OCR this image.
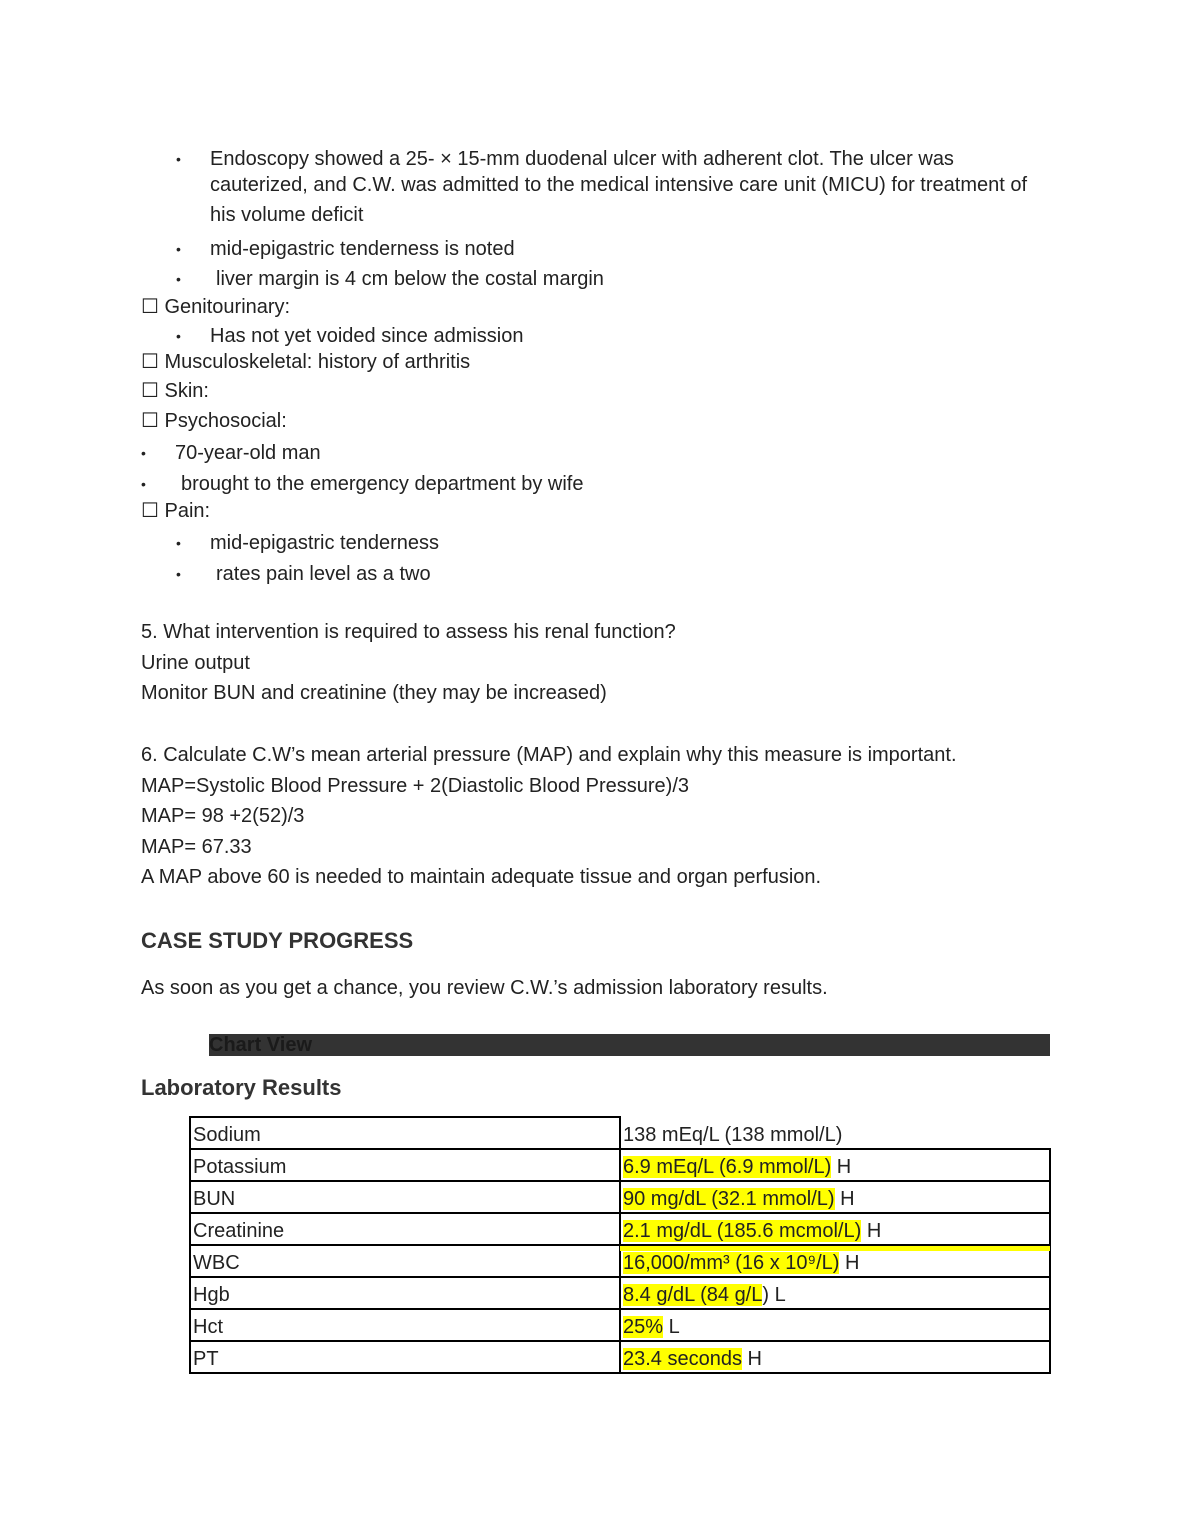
• Endoscopy showed a 25- × 15-mm duodenal ulcer with adherent clot. The ulcer was
cauterized, and C.W. was admitted to the medical intensive care unit (MICU) for treatment of
his volume deficit
• mid-epigastric tenderness is noted
• liver margin is 4 cm below the costal margin
☐ Genitourinary:
• Has not yet voided since admission
☐ Musculoskeletal: history of arthritis
☐ Skin:
☐ Psychosocial:
• 70-year-old man
• brought to the emergency department by wife
☐ Pain:
• mid-epigastric tenderness
• rates pain level as a two
5. What intervention is required to assess his renal function?
Urine output
Monitor BUN and creatinine (they may be increased)
6. Calculate C.W’s mean arterial pressure (MAP) and explain why this measure is important.
MAP=Systolic Blood Pressure + 2(Diastolic Blood Pressure)/3
MAP= 98 +2(52)/3
MAP= 67.33
A MAP above 60 is needed to maintain adequate tissue and organ perfusion.
CASE STUDY PROGRESS
As soon as you get a chance, you review C.W.’s admission laboratory results.
Chart View
Laboratory Results
Sodium	138 mEq/L (138 mmol/L)
Potassium	6.9 mEq/L (6.9 mmol/L) H
BUN	90 mg/dL (32.1 mmol/L) H
Creatinine	2.1 mg/dL (185.6 mcmol/L) H
WBC	16,000/mm³ (16 x 10⁹/L) H
Hgb	8.4 g/dL (84 g/L) L
Hct	25% L
PT	23.4 seconds H
